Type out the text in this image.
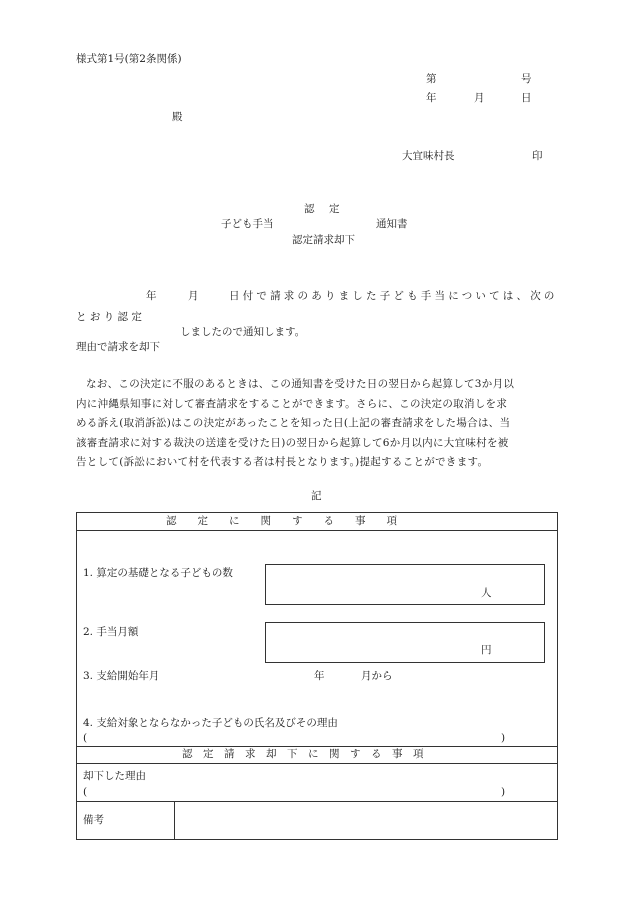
様式第1号(第2条関係)
第	号
年	月	日
殿
大宜味村長	印
認　定
子ども手当	通知書
認定請求却下
年	月	日付で請求のありました子ども手当については、次の
と お り 認 定
しましたので通知します。
理由で請求を却下
なお、この決定に不服のあるときは、この通知書を受けた日の翌日から起算して3か月以
内に沖縄県知事に対して審査請求をすることができます。さらに、この決定の取消しを求
める訴え(取消訴訟)はこの決定があったことを知った日(上記の審査請求をした場合は、当
該審査請求に対する裁決の送達を受けた日)の翌日から起算して6か月以内に大宜味村を被
告として(訴訟において村を代表する者は村長となります。)提起することができます。
記
認　　定　　に　　関　　す　　る　　事　　項
1. 算定の基礎となる子どもの数
人
2. 手当月額
円
3. 支給開始年月	年	月から
4. 支給対象とならなかった子どもの氏名及びその理由
(	)
認　定　請　求　却　下　に　関　す　る　事　項
却下した理由
(	)
備考
